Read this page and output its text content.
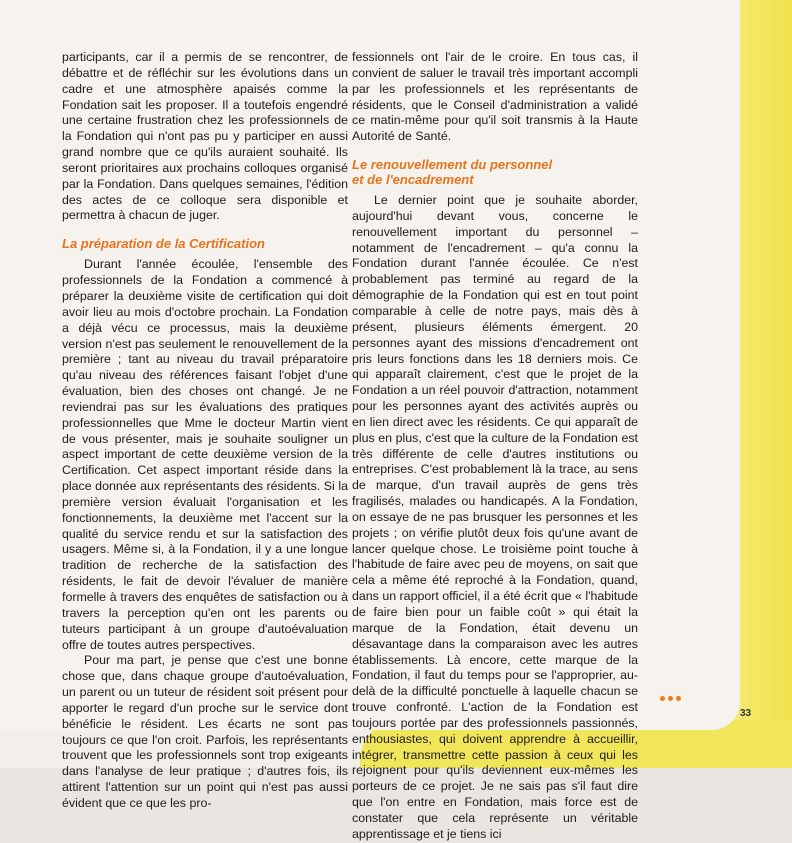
participants, car il a permis de se rencontrer, de débattre et de réfléchir sur les évolutions dans un cadre et une atmosphère apaisés comme la Fondation sait les proposer. Il a toutefois engendré une certaine frustration chez les professionnels de la Fondation qui n'ont pas pu y participer en aussi grand nombre que ce qu'ils auraient souhaité. Ils seront prioritaires aux prochains colloques organisé par la Fondation. Dans quelques semaines, l'édition des actes de ce colloque sera disponible et permettra à chacun de juger.

La préparation de la Certification

Durant l'année écoulée, l'ensemble des professionnels de la Fondation a commencé à préparer la deuxième visite de certification qui doit avoir lieu au mois d'octobre prochain. La Fondation a déjà vécu ce processus, mais la deuxième version n'est pas seulement le renouvellement de la première ; tant au niveau du travail préparatoire qu'au niveau des références faisant l'objet d'une évaluation, bien des choses ont changé. Je ne reviendrai pas sur les évaluations des pratiques professionnelles que Mme le docteur Martin vient de vous présenter, mais je souhaite souligner un aspect important de cette deuxième version de la Certification. Cet aspect important réside dans la place donnée aux représentants des résidents. Si la première version évaluait l'organisation et les fonctionnements, la deuxième met l'accent sur la qualité du service rendu et sur la satisfaction des usagers. Même si, à la Fondation, il y a une longue tradition de recherche de la satisfaction des résidents, le fait de devoir l'évaluer de manière formelle à travers des enquêtes de satisfaction ou à travers la perception qu'en ont les parents ou tuteurs participant à un groupe d'autoévaluation offre de toutes autres perspectives.

Pour ma part, je pense que c'est une bonne chose que, dans chaque groupe d'autoévaluation, un parent ou un tuteur de résident soit présent pour apporter le regard d'un proche sur le service dont bénéficie le résident. Les écarts ne sont pas toujours ce que l'on croit. Parfois, les représentants trouvent que les professionnels sont trop exigeants dans l'analyse de leur pratique ; d'autres fois, ils attirent l'attention sur un point qui n'est pas aussi évident que ce que les pro-

fessionnels ont l'air de le croire. En tous cas, il convient de saluer le travail très important accompli par les professionnels et les représentants de résidents, que le Conseil d'administration a validé ce matin-même pour qu'il soit transmis à la Haute Autorité de Santé.

Le renouvellement du personnel
et de l'encadrement

Le dernier point que je souhaite aborder, aujourd'hui devant vous, concerne le renouvellement important du personnel – notamment de l'encadrement – qu'a connu la Fondation durant l'année écoulée. Ce n'est probablement pas terminé au regard de la démographie de la Fondation qui est en tout point comparable à celle de notre pays, mais dès à présent, plusieurs éléments émergent. 20 personnes ayant des missions d'encadrement ont pris leurs fonctions dans les 18 derniers mois. Ce qui apparaît clairement, c'est que le projet de la Fondation a un réel pouvoir d'attraction, notamment pour les personnes ayant des activités auprès ou en lien direct avec les résidents. Ce qui apparaît de plus en plus, c'est que la culture de la Fondation est très différente de celle d'autres institutions ou entreprises. C'est probablement là la trace, au sens de marque, d'un travail auprès de gens très fragilisés, malades ou handicapés. A la Fondation, on essaye de ne pas brusquer les personnes et les projets ; on vérifie plutôt deux fois qu'une avant de lancer quelque chose. Le troisième point touche à l'habitude de faire avec peu de moyens, on sait que cela a même été reproché à la Fondation, quand, dans un rapport officiel, il a été écrit que « l'habitude de faire bien pour un faible coût » qui était la marque de la Fondation, était devenu un désavantage dans la comparaison avec les autres établissements. Là encore, cette marque de la Fondation, il faut du temps pour se l'approprier, au-delà de la difficulté ponctuelle à laquelle chacun se trouve confronté. L'action de la Fondation est toujours portée par des professionnels passionnés, enthousiastes, qui doivent apprendre à accueillir, intégrer, transmettre cette passion à ceux qui les rejoignent pour qu'ils deviennent eux-mêmes les porteurs de ce projet. Je ne sais pas s'il faut dire que l'on entre en Fondation, mais force est de constater que cela représente un véritable apprentissage et je tiens ici

33
